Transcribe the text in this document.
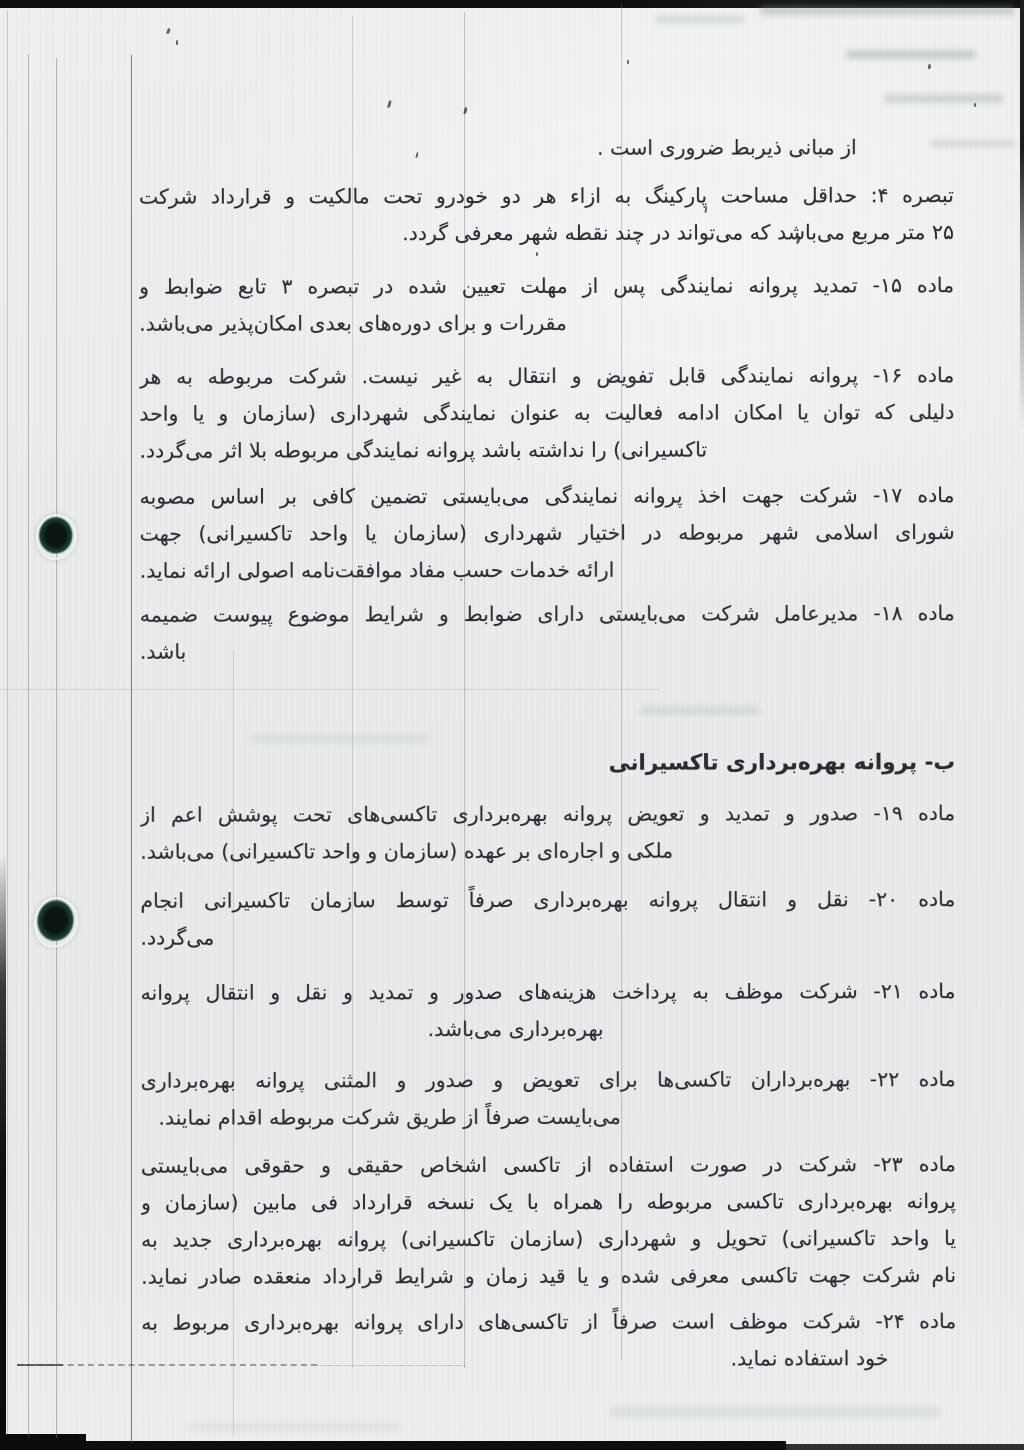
از مبانی ذیربط ضروری است .
تبصره ۴: حداقل مساحت پارکینگ به ازاء هر دو خودرو تحت مالکیت و قرارداد شرکت
۲۵ متر مربع می‌باشد که می‌تواند در چند نقطه شهر معرفی گردد.
ماده ۱۵- تمدید پروانه نمایندگی پس از مهلت تعیین شده در تبصره ۳ تابع ضوابط و
مقررات و برای دوره‌های بعدی امکان‌پذیر می‌باشد.
ماده ۱۶- پروانه نمایندگی قابل تفویض و انتقال به غیر نیست. شرکت مربوطه به هر
دلیلی که توان یا امکان ادامه فعالیت به عنوان نمایندگی شهرداری (سازمان و یا واحد
تاکسیرانی) را نداشته باشد پروانه نمایندگی مربوطه بلا اثر می‌گردد.
ماده ۱۷- شرکت جهت اخذ پروانه نمایندگی می‌بایستی تضمین کافی بر اساس مصوبه
شورای اسلامی شهر مربوطه در اختیار شهرداری (سازمان یا واحد تاکسیرانی) جهت
ارائه خدمات حسب مفاد موافقت‌نامه اصولی ارائه نماید.
ماده ۱۸- مدیرعامل شرکت می‌بایستی دارای ضوابط و شرایط موضوع پیوست ضمیمه
باشد.
ب- پروانه بهره‌برداری تاکسیرانی
ماده ۱۹- صدور و تمدید و تعویض پروانه بهره‌برداری تاکسی‌های تحت پوشش اعم از
ملکی و اجاره‌ای بر عهده (سازمان و واحد تاکسیرانی) می‌باشد.
ماده ۲۰- نقل و انتقال پروانه بهره‌برداری صرفاً توسط سازمان تاکسیرانی انجام
می‌گردد.
ماده ۲۱- شرکت موظف به پرداخت هزینه‌های صدور و تمدید و نقل و انتقال پروانه
بهره‌برداری می‌باشد.
ماده ۲۲- بهره‌برداران تاکسی‌ها برای تعویض و صدور و المثنی پروانه بهره‌برداری
می‌بایست صرفاً از طریق شرکت مربوطه اقدام نمایند.
ماده ۲۳- شرکت در صورت استفاده از تاکسی اشخاص حقیقی و حقوقی می‌بایستی
پروانه بهره‌برداری تاکسی مربوطه را همراه با یک نسخه قرارداد فی مابین (سازمان و
یا واحد تاکسیرانی) تحویل و شهرداری (سازمان تاکسیرانی) پروانه بهره‌برداری جدید به
نام شرکت جهت تاکسی معرفی شده و یا قید زمان و شرایط قرارداد منعقده صادر نماید.
ماده ۲۴- شرکت موظف است صرفاً از تاکسی‌های دارای پروانه بهره‌برداری مربوط به
خود استفاده نماید.
